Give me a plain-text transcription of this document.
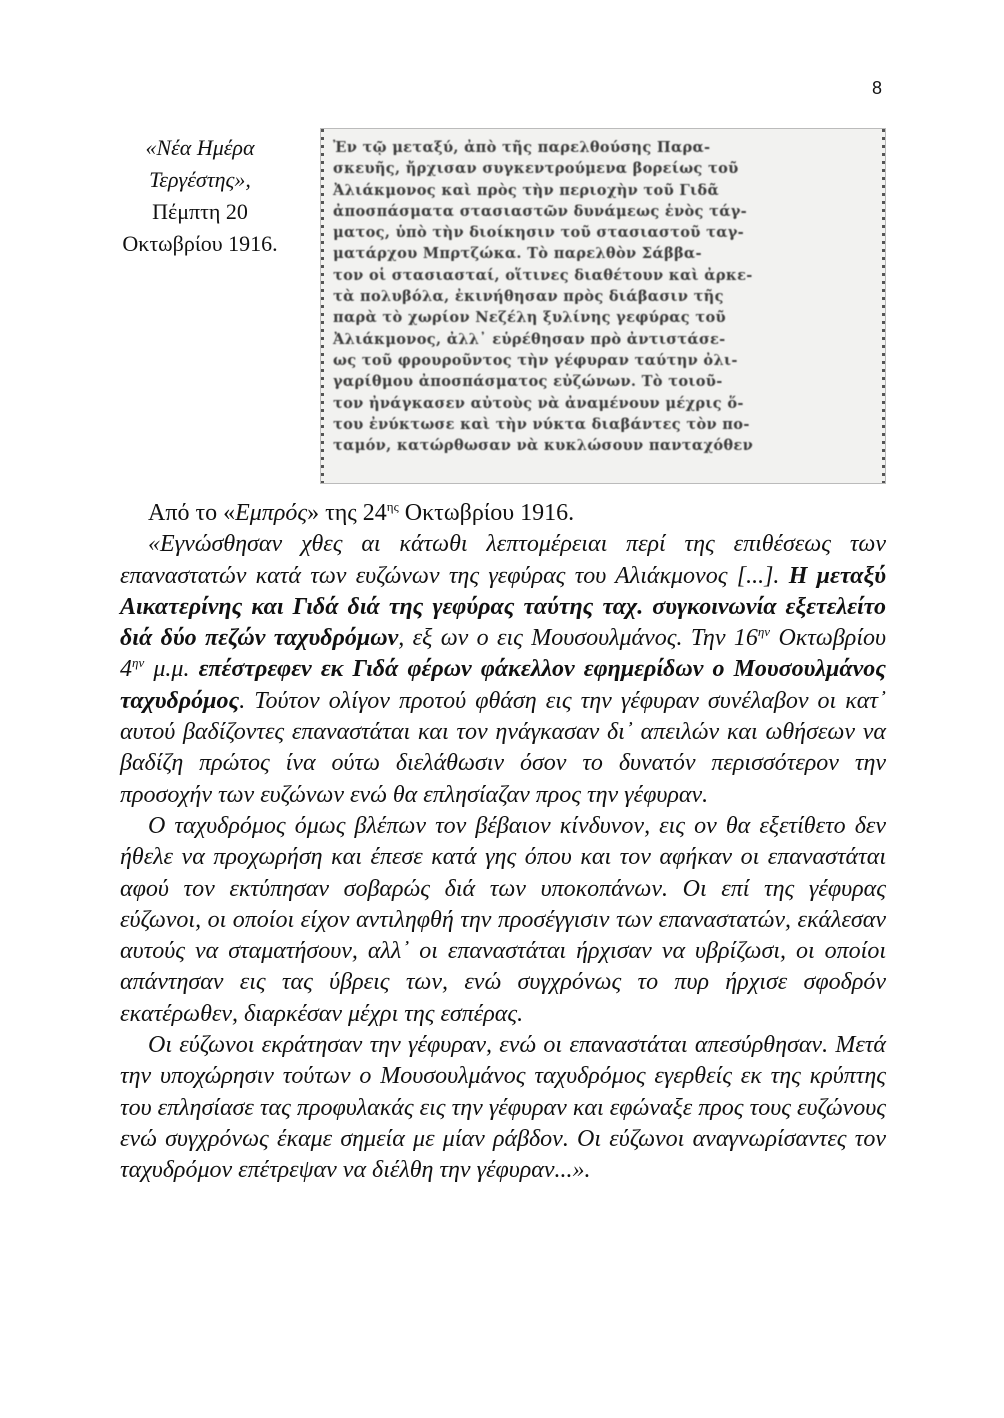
8
«Νέα Ημέρα
Τεργέστης»,
Πέμπτη 20
Οκτωβρίου 1916.
Ἐν τῷ μεταξύ, ἀπὸ τῆς παρελθούσης Παρα-
σκευῆς, ἤρχισαν συγκεντρούμενα βορείως τοῦ
Ἀλιάκμονος καὶ πρὸς τὴν περιοχὴν τοῦ Γιδᾶ
ἀποσπάσματα στασιαστῶν δυνάμεως ἑνὸς τάγ-
ματος, ὑπὸ τὴν διοίκησιν τοῦ στασιαστοῦ ταγ-
ματάρχου Μπρτζώκα. Τὸ παρελθὸν Σάββα-
τον οἱ στασιασταί, οἵτινες διαθέτουν καὶ ἀρκε-
τὰ πολυβόλα, ἐκινήθησαν πρὸς διάβασιν τῆς
παρὰ τὸ χωρίον Νεζέλη ξυλίνης γεφύρας τοῦ
Ἀλιάκμονος, ἀλλ᾽ εὑρέθησαν πρὸ ἀντιστάσε-
ως τοῦ φρουροῦντος τὴν γέφυραν ταύτην ὀλι-
γαρίθμου ἀποσπάσματος εὐζώνων. Τὸ τοιοῦ-
τον ἠνάγκασεν αὐτοὺς νὰ ἀναμένουν μέχρις ὅ-
του ἐνύκτωσε καὶ τὴν νύκτα διαβάντες τὸν πο-
ταμόν, κατώρθωσαν νὰ κυκλώσουν πανταχόθεν

Από το «Εμπρός» της $24^{\eta\varsigma}$ Οκτωβρίου 1916.

«Εγνώσθησαν χθες αι κάτωθι λεπτομέρειαι περί της επιθέσεως των επαναστατών κατά των ευζώνων της γεφύρας του Αλιάκμονος [...]. Η μεταξύ Αικατερίνης και Γιδά διά της γεφύρας ταύτης ταχ. συγκοινωνία εξετελείτο διά δύο πεζών ταχυδρόμων, εξ ων ο εις Μουσουλμάνος. Την $16^{\eta\nu}$ Οκτωβρίου $4^{\eta\nu}$ μ.μ. επέστρεφεν εκ Γιδά φέρων φάκελλον εφημερίδων ο Μουσουλμάνος ταχυδρόμος. Τούτον ολίγον προτού φθάση εις την γέφυραν συνέλαβον οι κατ᾽ αυτού βαδίζοντες επαναστάται και τον ηνάγκασαν δι᾽ απειλών και ωθήσεων να βαδίζη πρώτος ίνα ούτω διελάθωσιν όσον το δυνατόν περισσότερον την προσοχήν των ευζώνων ενώ θα επλησίαζαν προς την γέφυραν.

Ο ταχυδρόμος όμως βλέπων τον βέβαιον κίνδυνον, εις ον θα εξετίθετο δεν ήθελε να προχωρήση και έπεσε κατά γης όπου και τον αφήκαν οι επαναστάται αφού τον εκτύπησαν σοβαρώς διά των υποκοπάνων. Οι επί της γέφυρας εύζωνοι, οι οποίοι είχον αντιληφθή την προσέγγισιν των επαναστατών, εκάλεσαν αυτούς να σταματήσουν, αλλ᾽ οι επαναστάται ήρχισαν να υβρίζωσι, οι οποίοι απάντησαν εις τας ύβρεις των, ενώ συγχρόνως το πυρ ήρχισε σφοδρόν εκατέρωθεν, διαρκέσαν μέχρι της εσπέρας.

Οι εύζωνοι εκράτησαν την γέφυραν, ενώ οι επαναστάται απεσύρθησαν. Μετά την υποχώρησιν τούτων ο Μουσουλμάνος ταχυδρόμος εγερθείς εκ της κρύπτης του επλησίασε τας προφυλακάς εις την γέφυραν και εφώναξε προς τους ευζώνους ενώ συγχρόνως έκαμε σημεία με μίαν ράβδον. Οι εύζωνοι αναγνωρίσαντες τον ταχυδρόμον επέτρεψαν να διέλθη την γέφυραν...».
